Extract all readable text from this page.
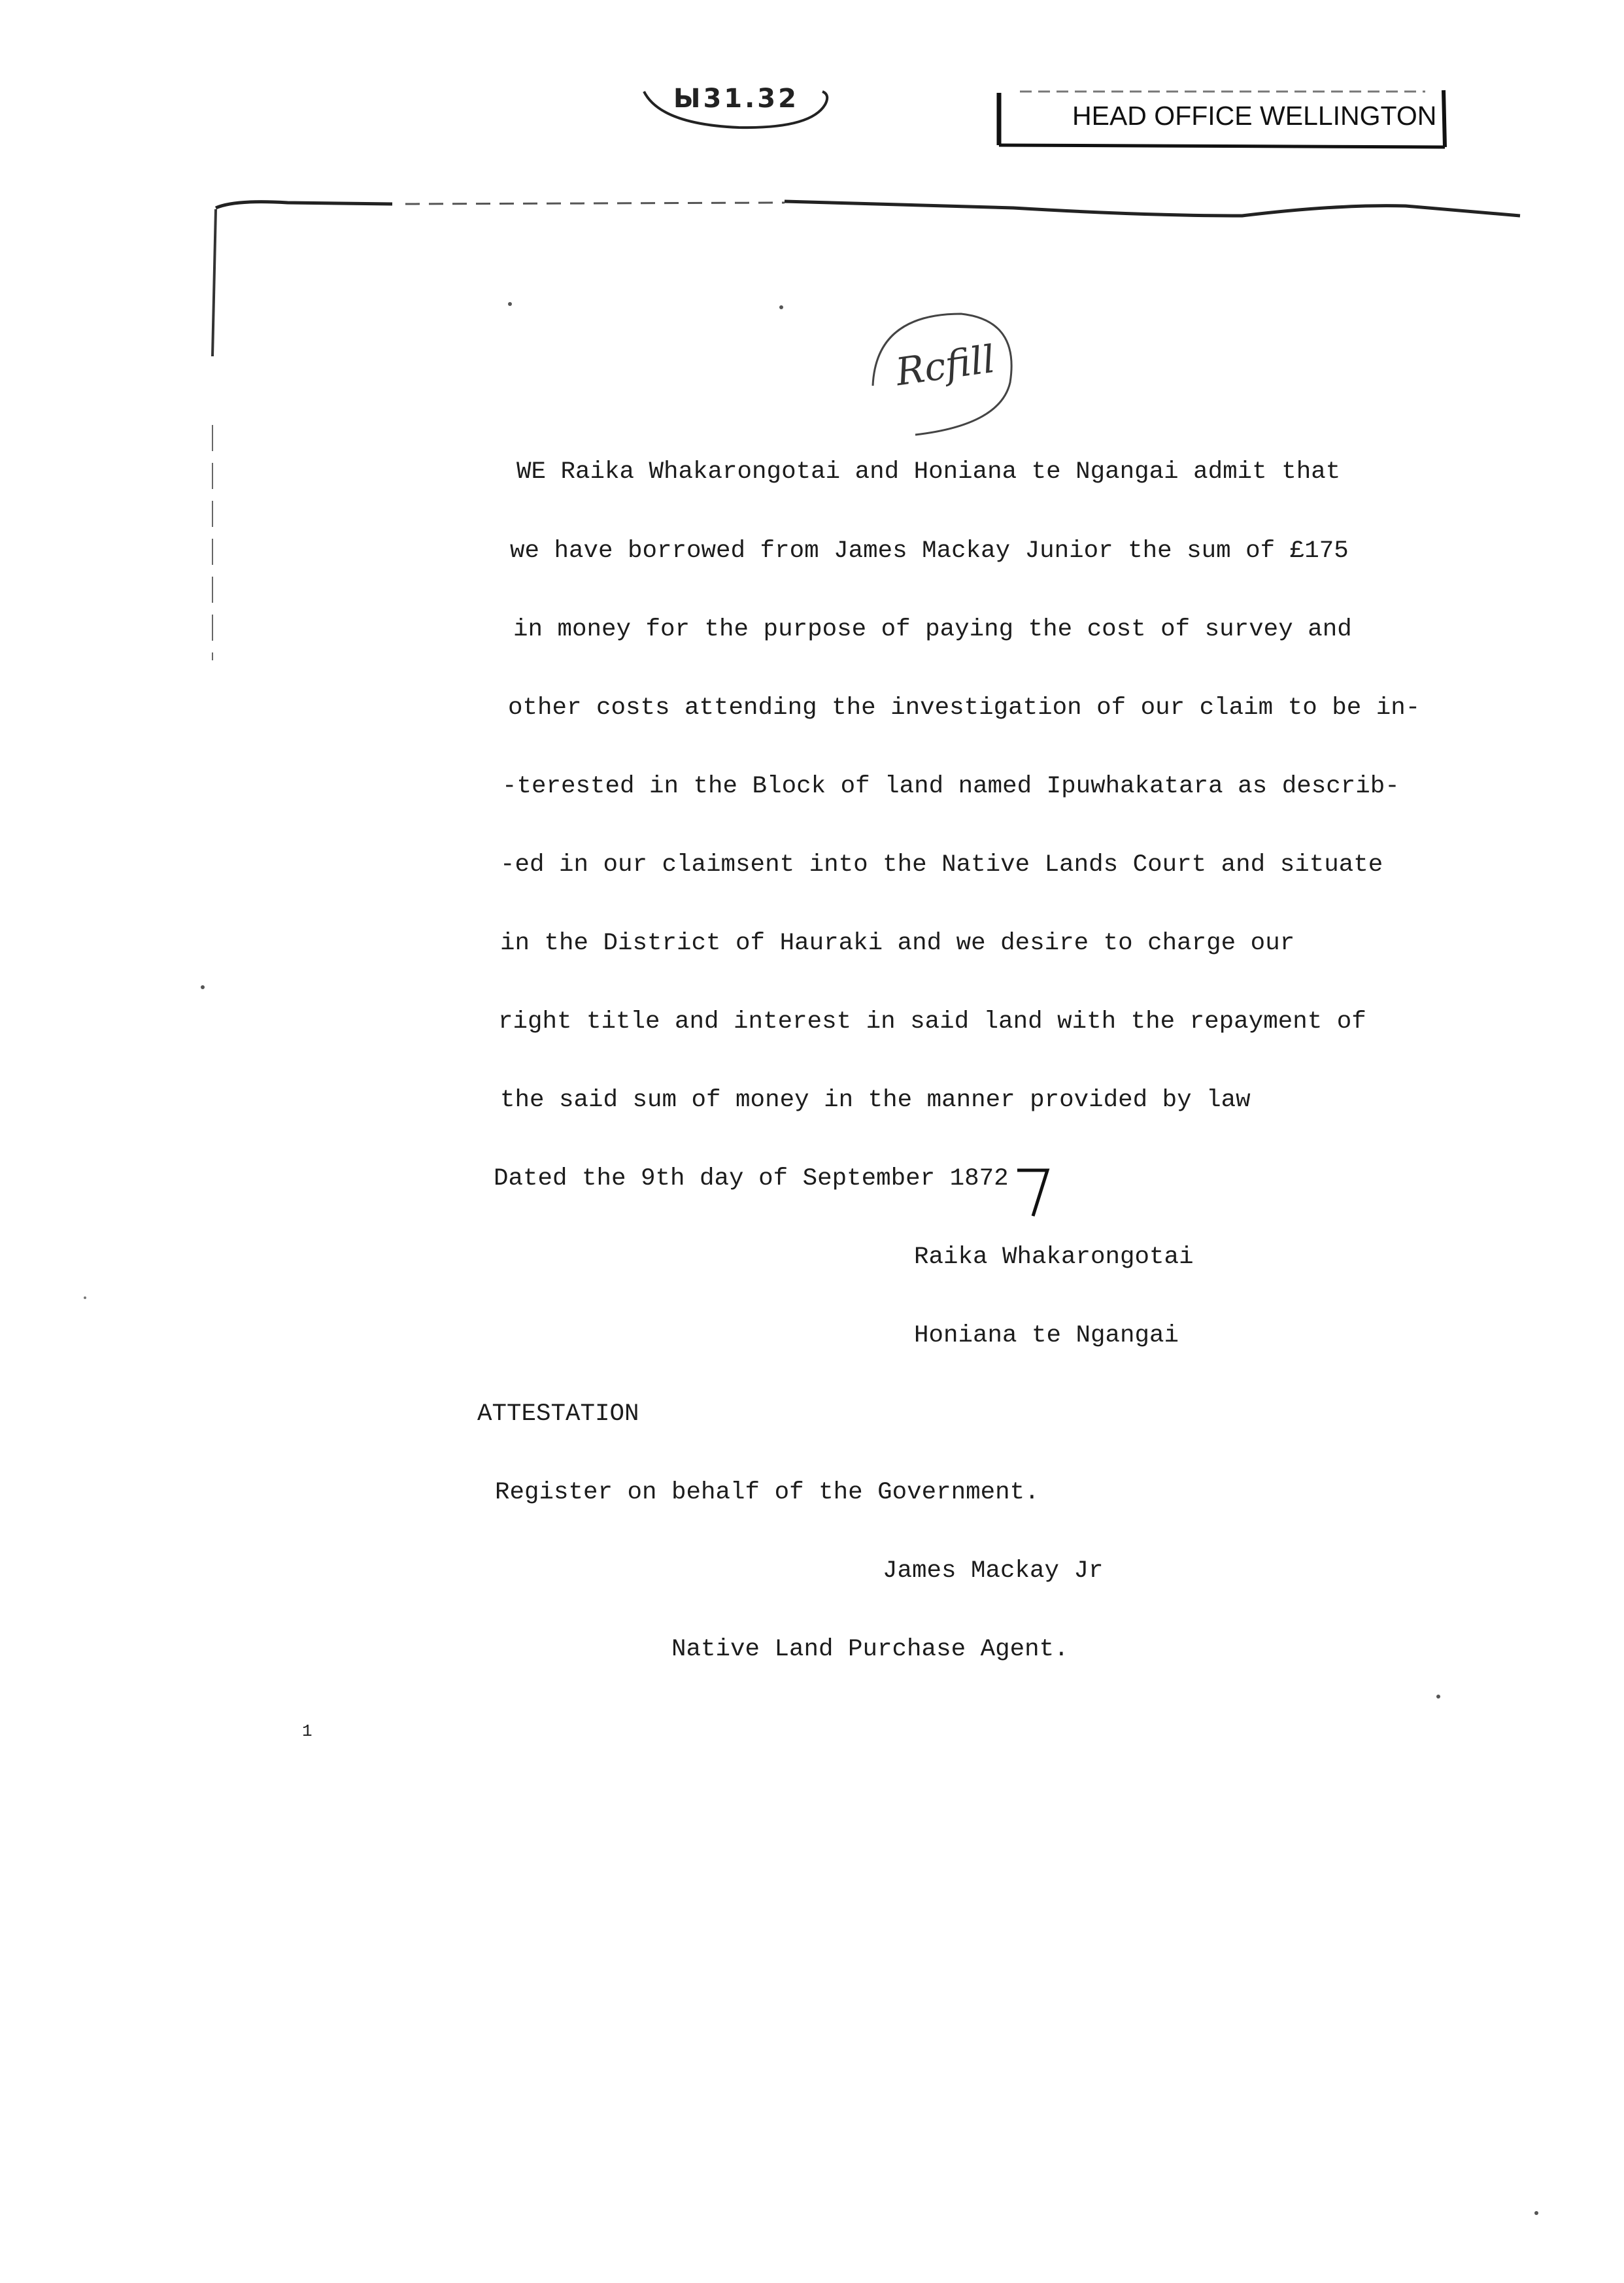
Ы31.32
HEAD OFFICE WELLINGTON
Rcfill
WE Raika Whakarongotai and Honiana te Ngangai admit that
we have borrowed from James Mackay Junior the sum of £175
in money for the purpose of paying the cost of survey and
other costs attending the investigation of our claim to be in-
-terested in the Block of land named Ipuwhakatara as describ-
-ed in our claimsent into the Native Lands Court and situate
in the District of Hauraki and we desire to charge our
right title and interest in said land with the repayment of
the said sum of money in the manner provided by law
Dated the 9th day of September 1872
Raika Whakarongotai
Honiana te Ngangai
ATTESTATION
Register on behalf of the Government.
James Mackay Jr
Native Land Purchase Agent.
1
